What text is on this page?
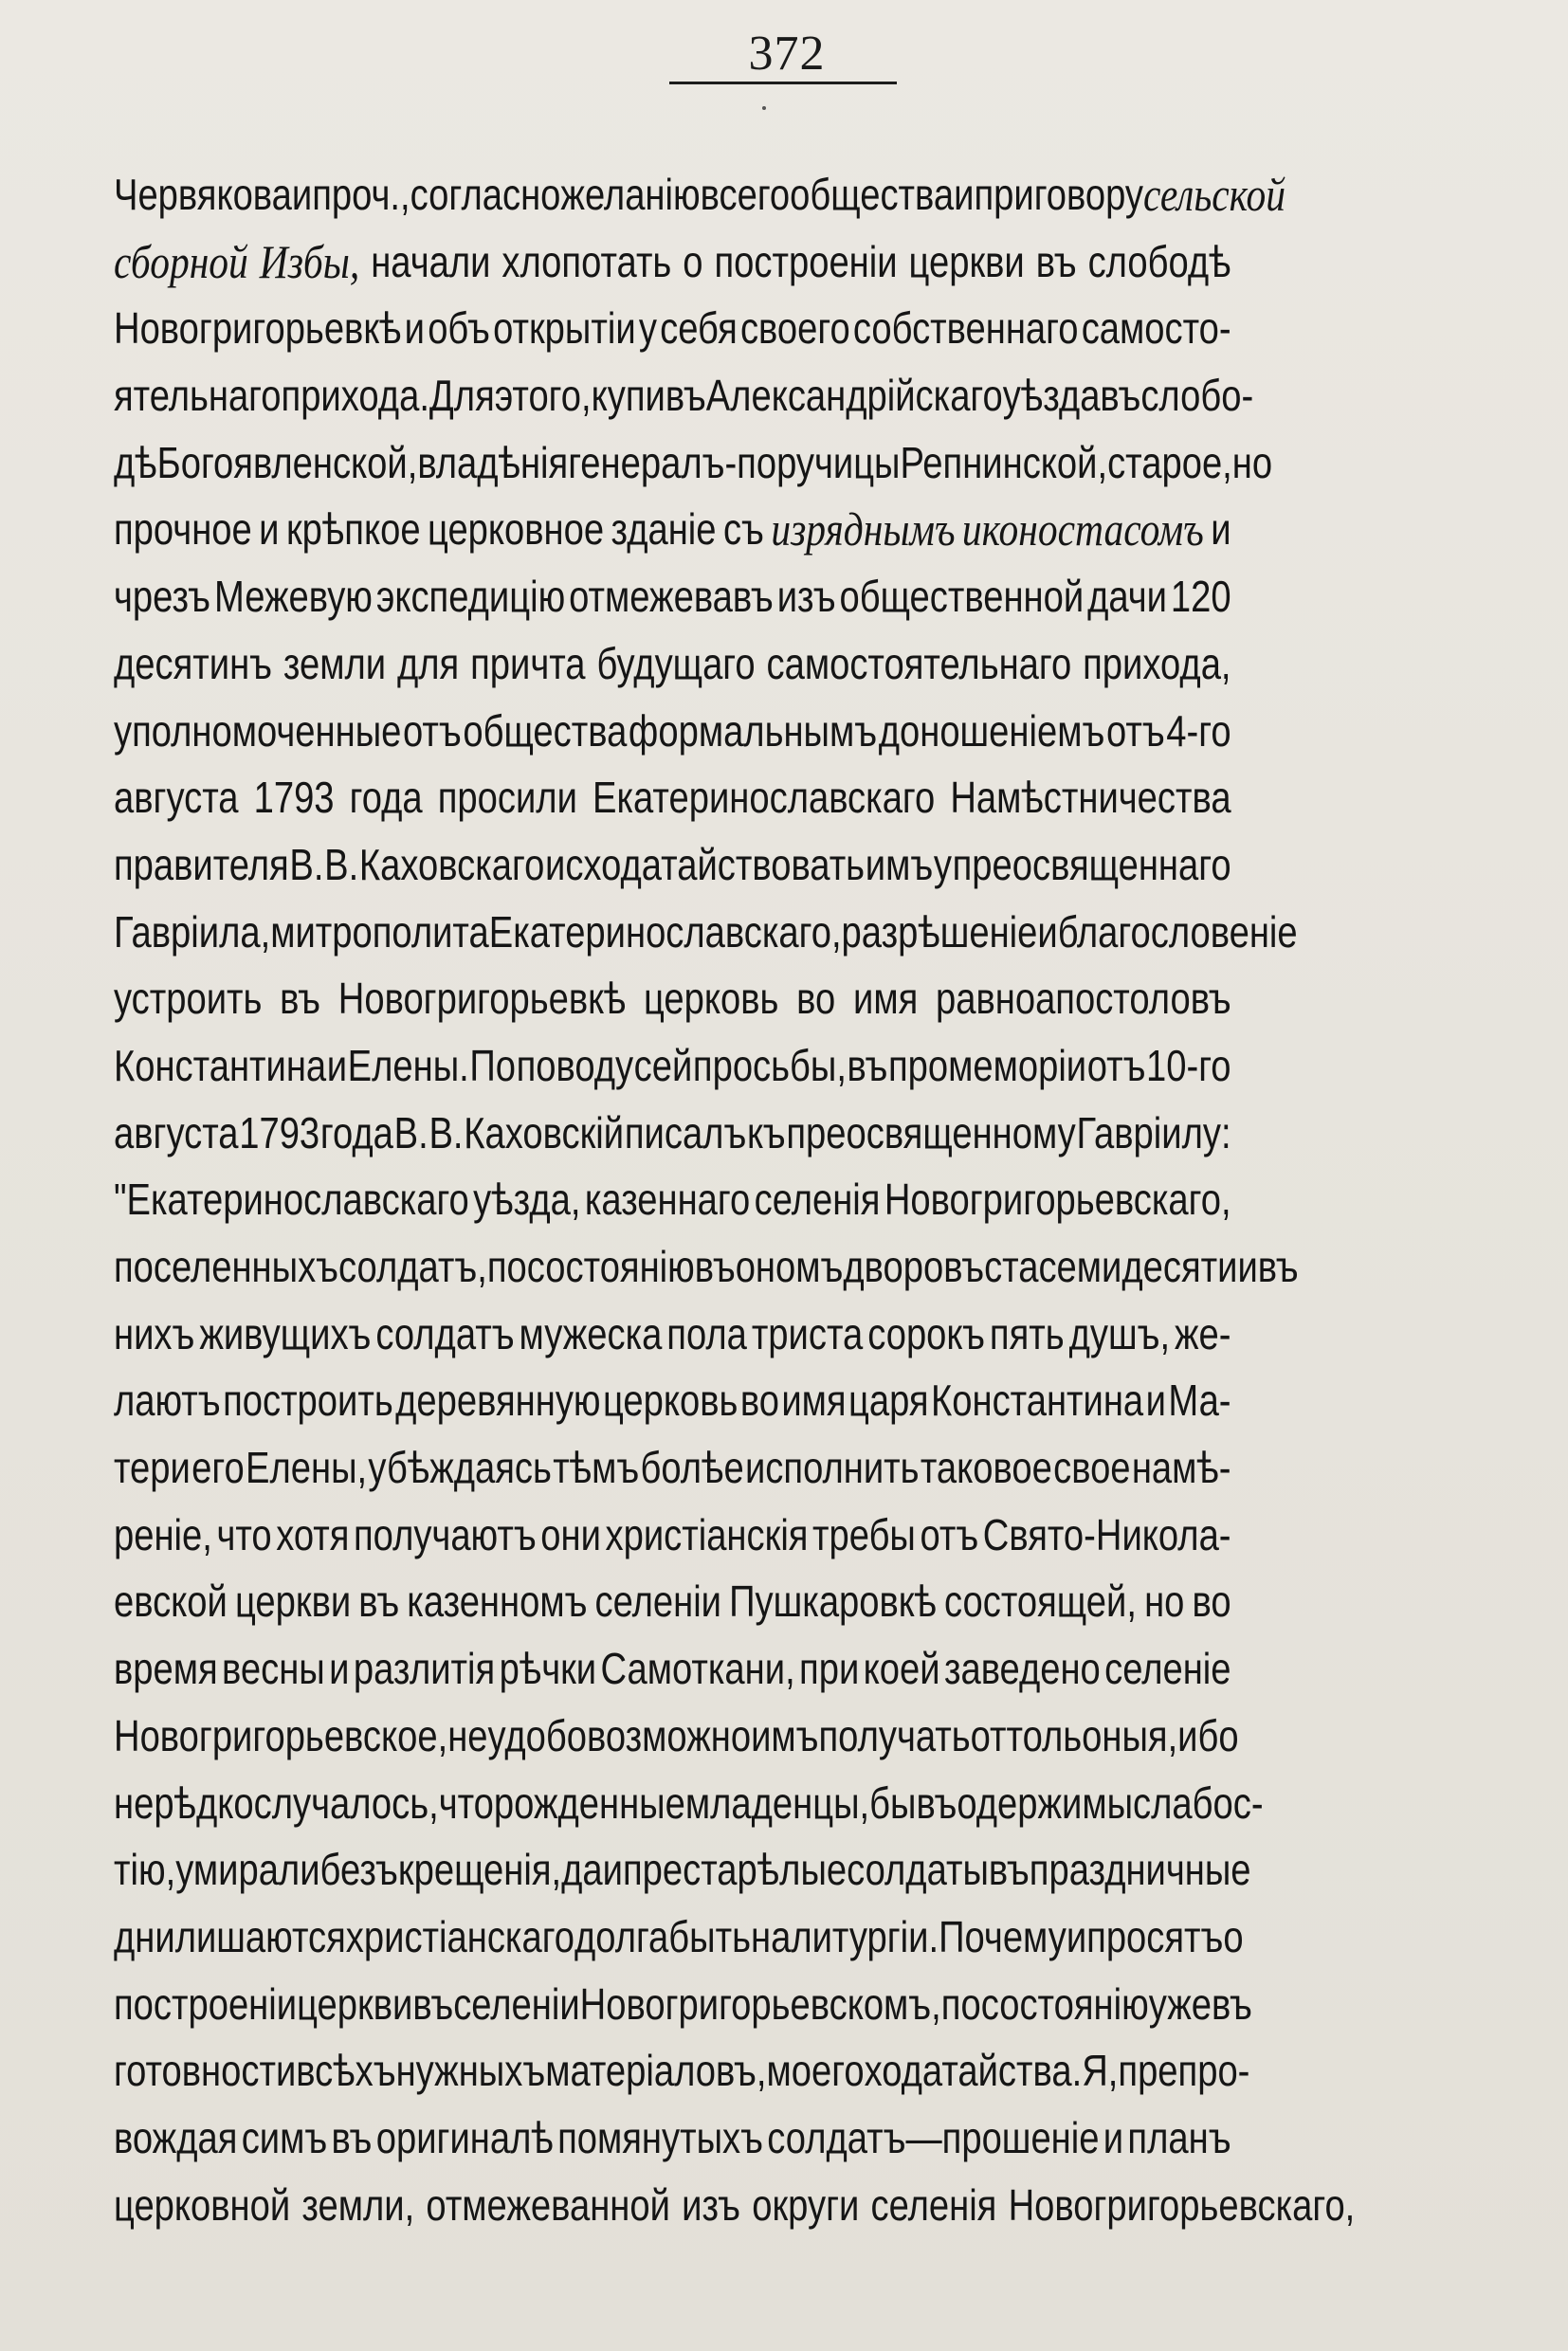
372
Червякова и проч., согласно желанію всего общества и приговору сельской
сборной Избы, начали хлопотать о построеніи церкви въ слободѣ
Новогригорьевкѣ и объ открытіи у себя своего собственнаго самосто-
ятельнаго прихода. Для этого, купивъ Александрійскаго уѣзда въ слобо-
дѣ Богоявленской, владѣнія генералъ-поручицы Репнинской, старое, но
прочное и крѣпкое церковное зданіе съ изряднымъ иконостасомъ и
чрезъ Межевую экспедицію отмежевавъ изъ общественной дачи 120
десятинъ земли для причта будущаго самостоятельнаго прихода,
уполномоченные отъ общества формальнымъ доношеніемъ отъ 4-го
августа 1793 года просили Екатеринославскаго Намѣстничества
правителя В. В. Каховскаго исходатайствовать имъ у преосвященнаго
Гавріила, митрополита Екатеринославскаго, разрѣшеніе и благословеніе
устроить въ Новогригорьевкѣ церковь во имя равноапостоловъ
Константина и Елены. По поводу сей просьбы, въ промеморіи отъ 10-го
августа 1793 года В. В. Каховскій писалъ къ преосвященному Гавріилу:
"Екатеринославскаго уѣзда, казеннаго селенія Новогригорьевскаго,
поселенныхъ солдатъ, по состоянію въ ономъ дворовъ ста семидесяти и въ
нихъ живущихъ солдатъ мужеска пола триста сорокъ пять душъ, же-
лаютъ построить деревянную церковь во имя царя Константина и Ма-
тери его Елены, убѣждаясь тѣмъ болѣе исполнить таковое свое намѣ-
реніе, что хотя получаютъ они христіанскія требы отъ Свято-Никола-
евской церкви въ казенномъ селеніи Пушкаровкѣ состоящей, но во
время весны и разлитія рѣчки Самоткани, при коей заведено селеніе
Новогригорьевское, не удобовозможно имъ получать оттоль оныя, ибо
не рѣдко случалось, что рожденные младенцы, бывъ одержимы слабос-
тію, умирали безъ крещенія, да и престарѣлые солдаты въ праздничные
дни лишаются христіанскаго долга быть на литургіи. Почему и просятъ о
построеніи церкви въ селеніи Новогригорьевскомъ, по состоянію уже въ
готовности всѣхъ нужныхъ матеріаловъ, моего ходатайства. Я, препро-
вождая симъ въ оригиналѣ помянутыхъ солдатъ—прошеніе и планъ
церковной земли, отмежеванной изъ округи селенія Новогригорьевскаго,
